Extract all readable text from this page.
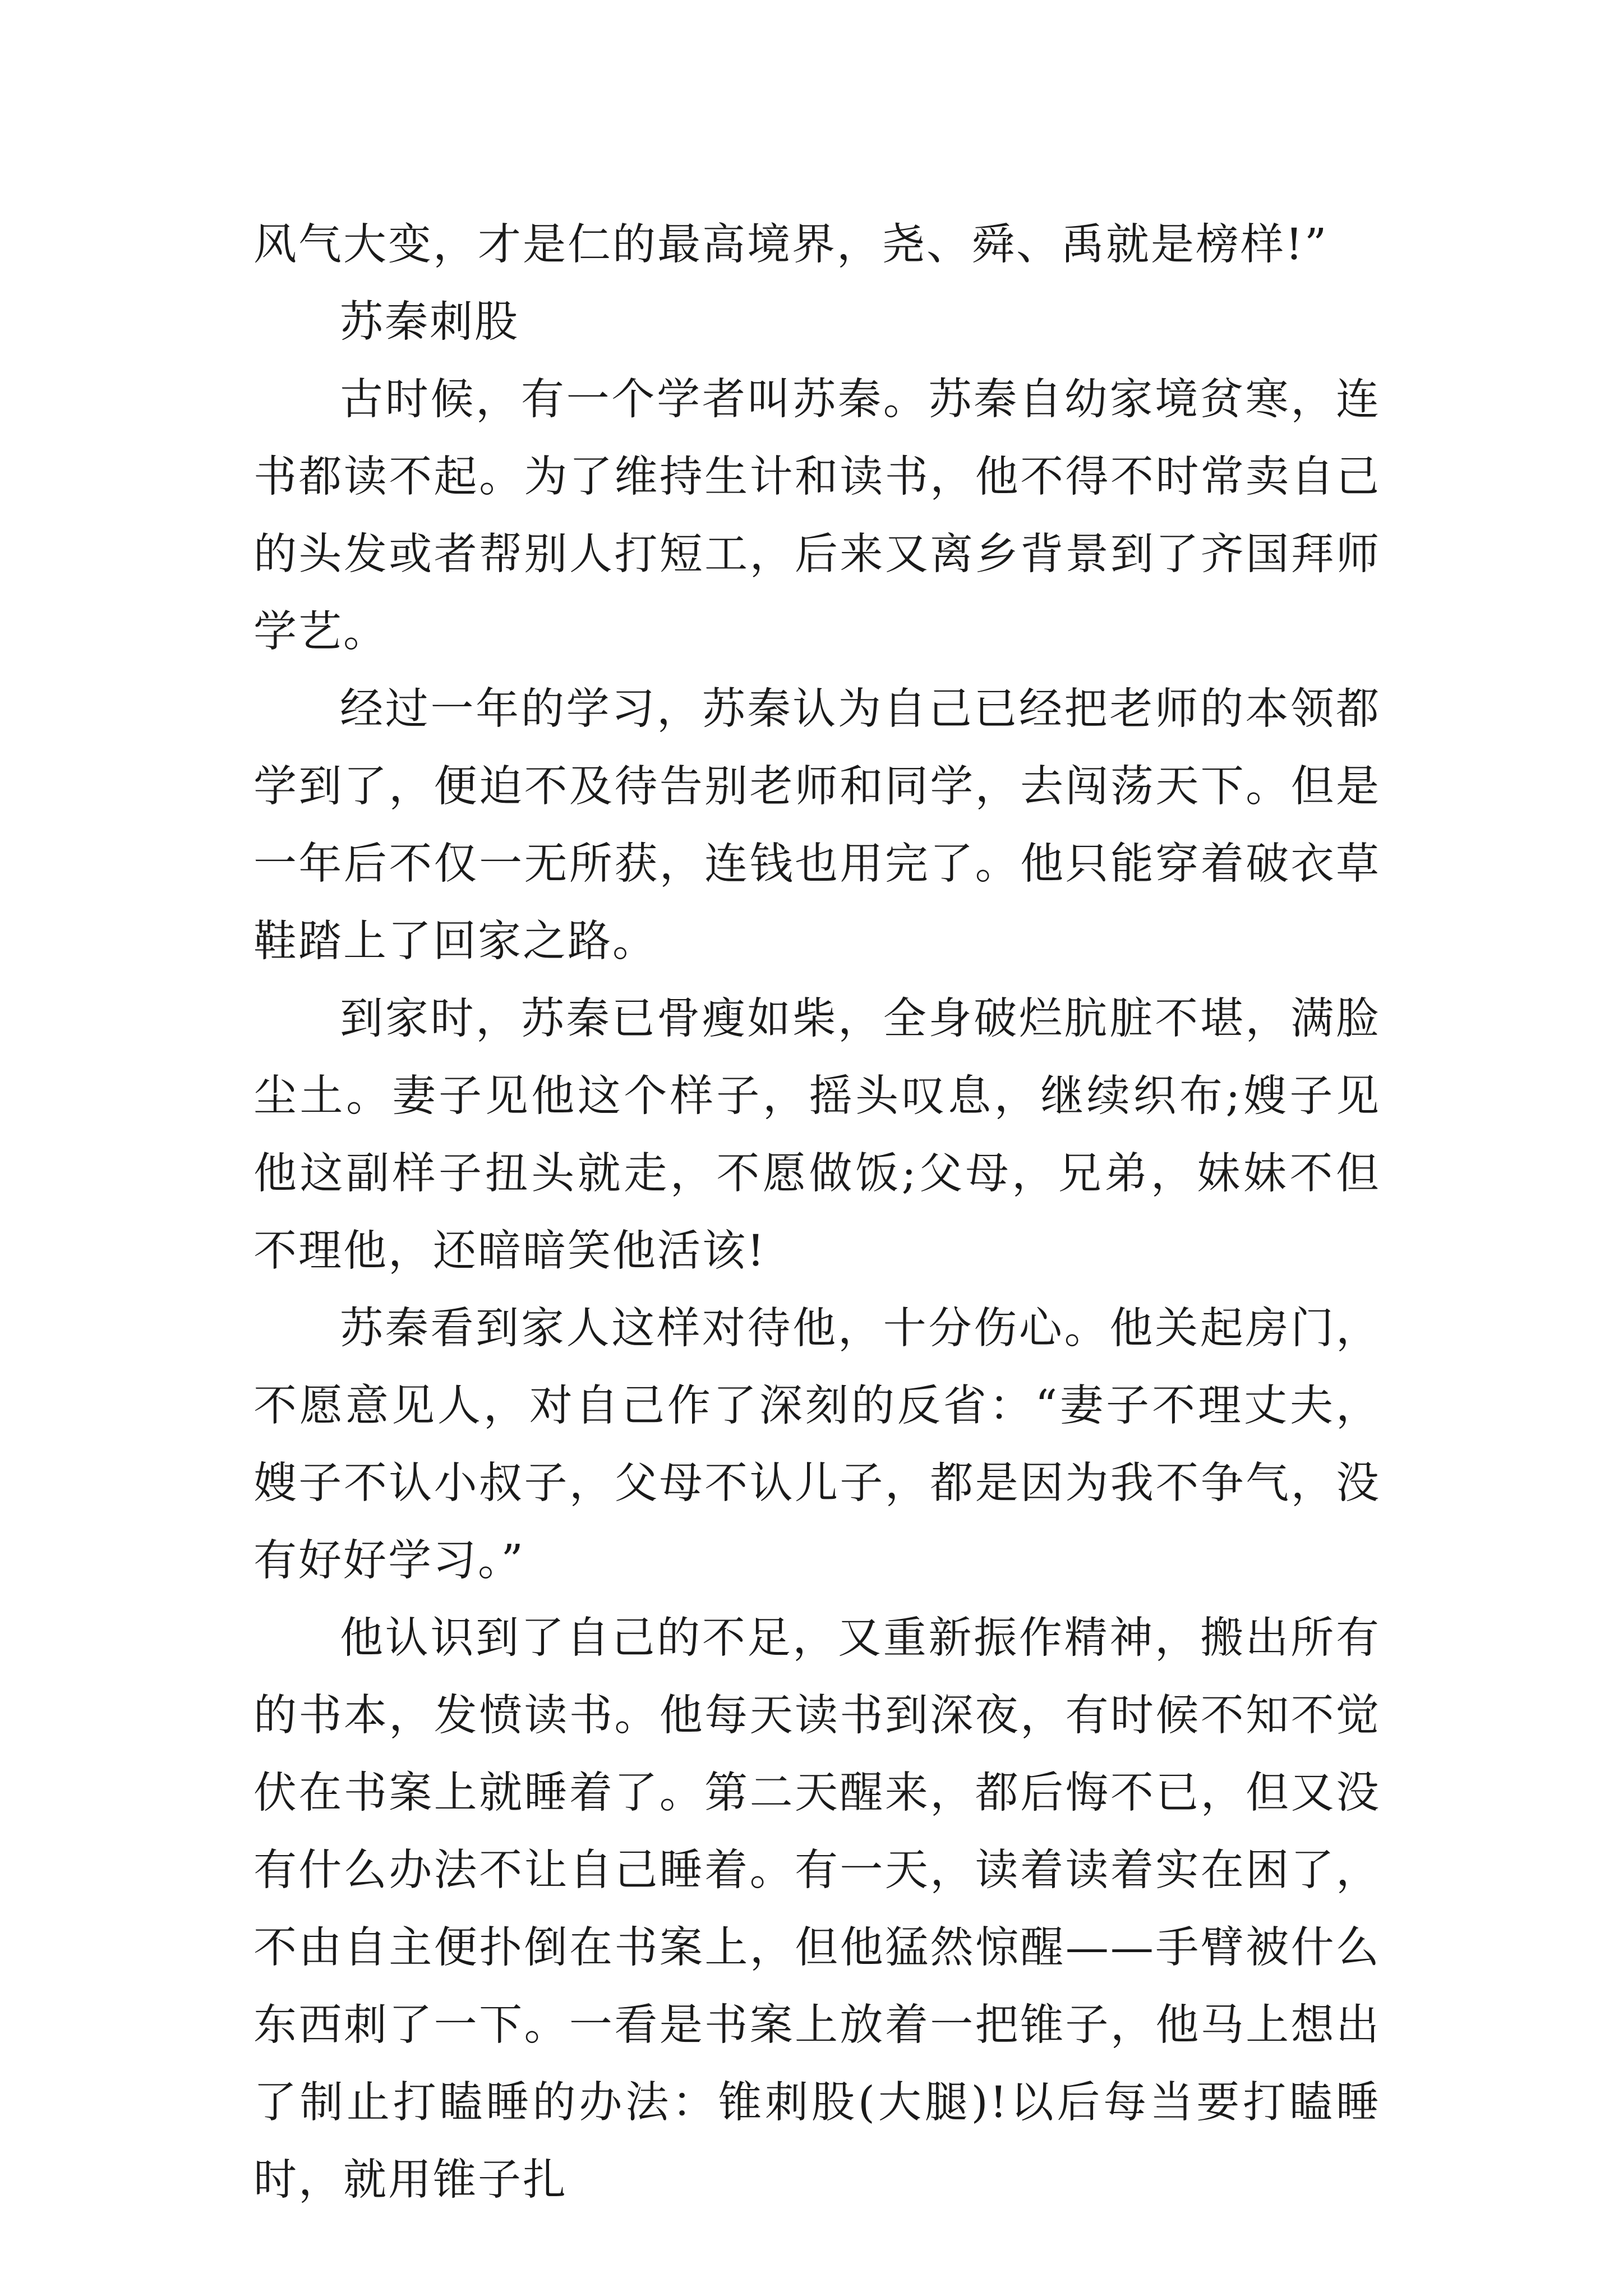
风气大变，才是仁的最高境界，尧、舜、禹就是榜样!”

苏秦刺股

古时候，有一个学者叫苏秦。苏秦自幼家境贫寒，连书都读不起。为了维持生计和读书，他不得不时常卖自己的头发或者帮别人打短工，后来又离乡背景到了齐国拜师学艺。

经过一年的学习，苏秦认为自己已经把老师的本领都学到了，便迫不及待告别老师和同学，去闯荡天下。但是一年后不仅一无所获，连钱也用完了。他只能穿着破衣草鞋踏上了回家之路。

到家时，苏秦已骨瘦如柴，全身破烂肮脏不堪，满脸尘土。妻子见他这个样子，摇头叹息，继续织布;嫂子见他这副样子扭头就走，不愿做饭;父母，兄弟，妹妹不但不理他，还暗暗笑他活该!

苏秦看到家人这样对待他，十分伤心。他关起房门，不愿意见人，对自己作了深刻的反省：“妻子不理丈夫，嫂子不认小叔子，父母不认儿子，都是因为我不争气，没有好好学习。”

他认识到了自己的不足，又重新振作精神，搬出所有的书本，发愤读书。他每天读书到深夜，有时候不知不觉伏在书案上就睡着了。第二天醒来，都后悔不已，但又没有什么办法不让自己睡着。有一天，读着读着实在困了，不由自主便扑倒在书案上，但他猛然惊醒——手臂被什么东西刺了一下。一看是书案上放着一把锥子，他马上想出了制止打瞌睡的办法：锥刺股(大腿)!以后每当要打瞌睡时，就用锥子扎
